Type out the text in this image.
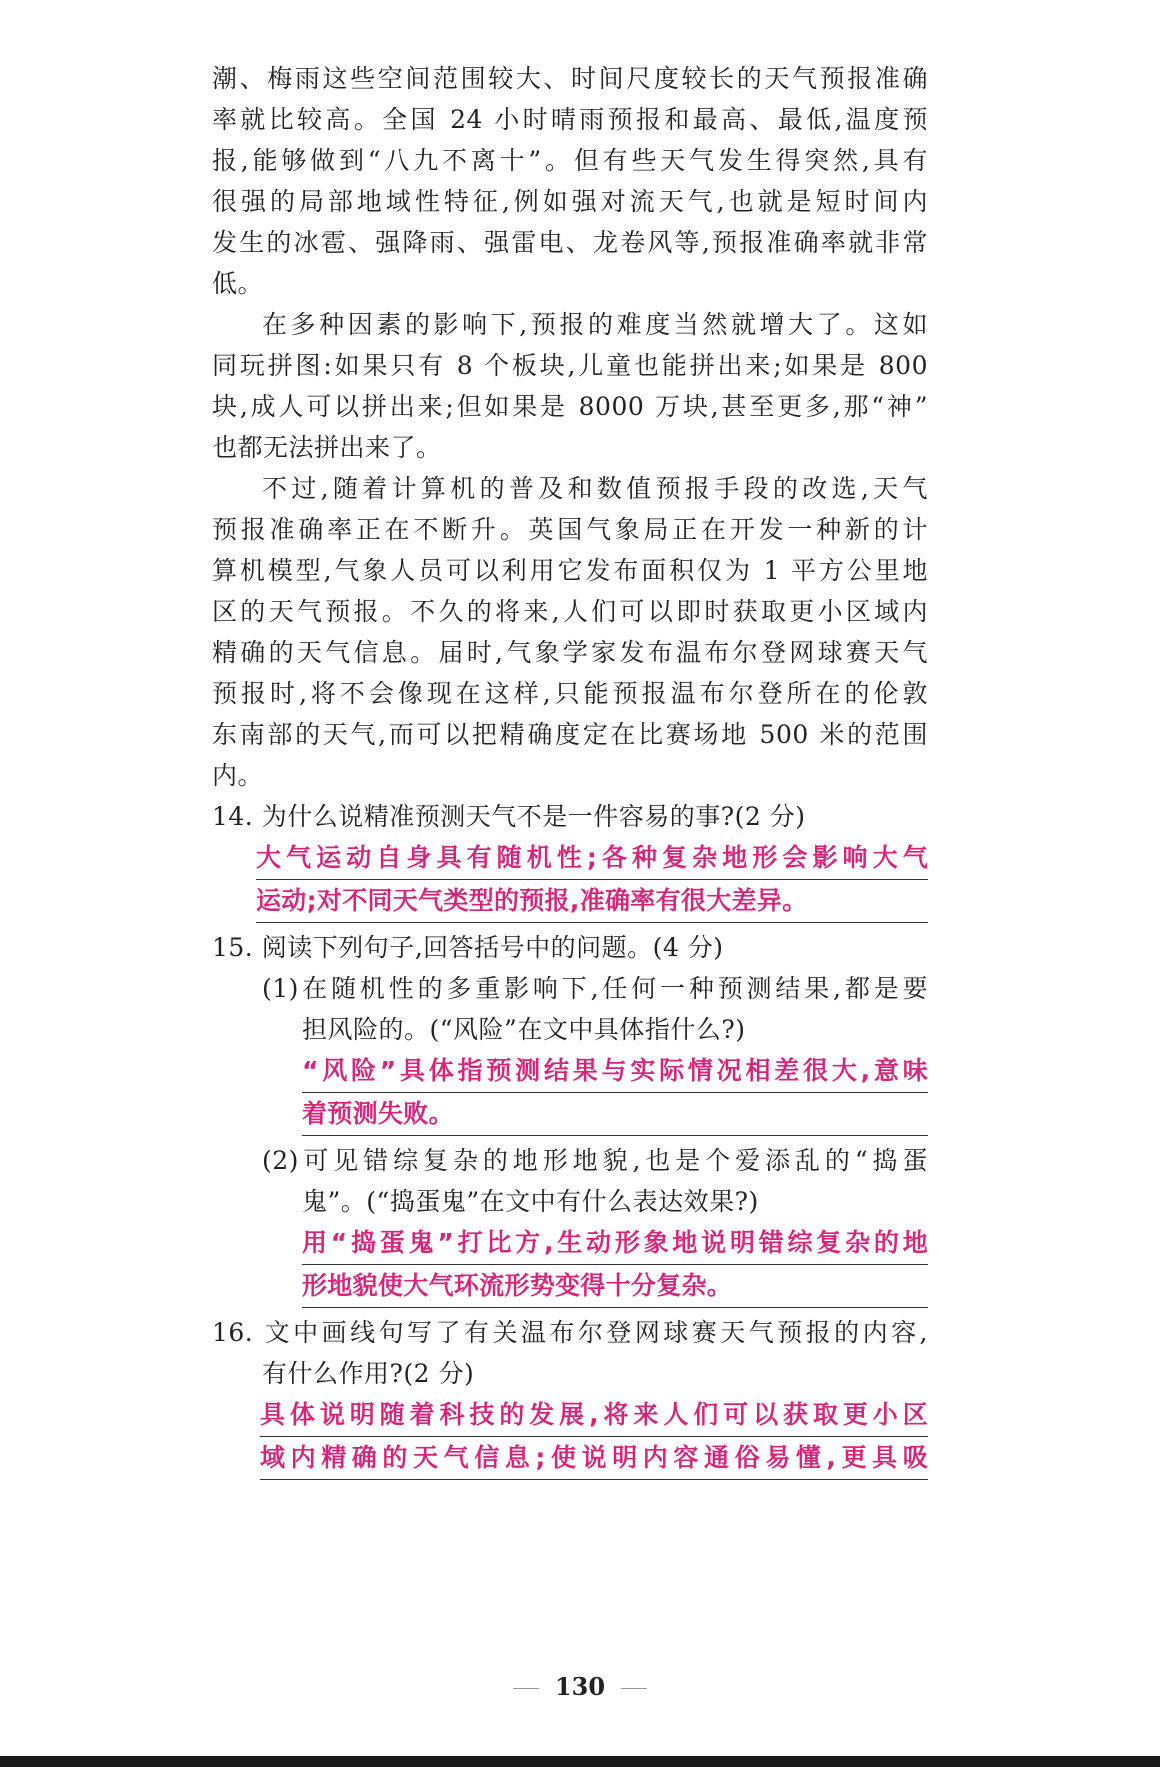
潮、梅雨这些空间范围较大、时间尺度较长的天气预报准确
率就比较高。全国 24 小时晴雨预报和最高、最低,温度预
报,能够做到“八九不离十”。但有些天气发生得突然,具有
很强的局部地域性特征,例如强对流天气,也就是短时间内
发生的冰雹、强降雨、强雷电、龙卷风等,预报准确率就非常
低。
在多种因素的影响下,预报的难度当然就增大了。这如
同玩拼图:如果只有 8 个板块,儿童也能拼出来;如果是 800
块,成人可以拼出来;但如果是 8000 万块,甚至更多,那“神”
也都无法拼出来了。
不过,随着计算机的普及和数值预报手段的改选,天气
预报准确率正在不断升。英国气象局正在开发一种新的计
算机模型,气象人员可以利用它发布面积仅为 1 平方公里地
区的天气预报。不久的将来,人们可以即时获取更小区域内
精确的天气信息。届时,气象学家发布温布尔登网球赛天气
预报时,将不会像现在这样,只能预报温布尔登所在的伦敦
东南部的天气,而可以把精确度定在比赛场地 500 米的范围
内。
14. 为什么说精准预测天气不是一件容易的事?(2 分)
大气运动自身具有随机性;各种复杂地形会影响大气
运动;对不同天气类型的预报,准确率有很大差异。
15. 阅读下列句子,回答括号中的问题。(4 分)
(1)在随机性的多重影响下,任何一种预测结果,都是要
担风险的。(“风险”在文中具体指什么?)
“风险”具体指预测结果与实际情况相差很大,意味
着预测失败。
(2)可见错综复杂的地形地貌,也是个爱添乱的“捣蛋
鬼”。(“捣蛋鬼”在文中有什么表达效果?)
用“捣蛋鬼”打比方,生动形象地说明错综复杂的地
形地貌使大气环流形势变得十分复杂。
16. 文中画线句写了有关温布尔登网球赛天气预报的内容,
有什么作用?(2 分)
具体说明随着科技的发展,将来人们可以获取更小区
域内精确的天气信息;使说明内容通俗易懂,更具吸
130
